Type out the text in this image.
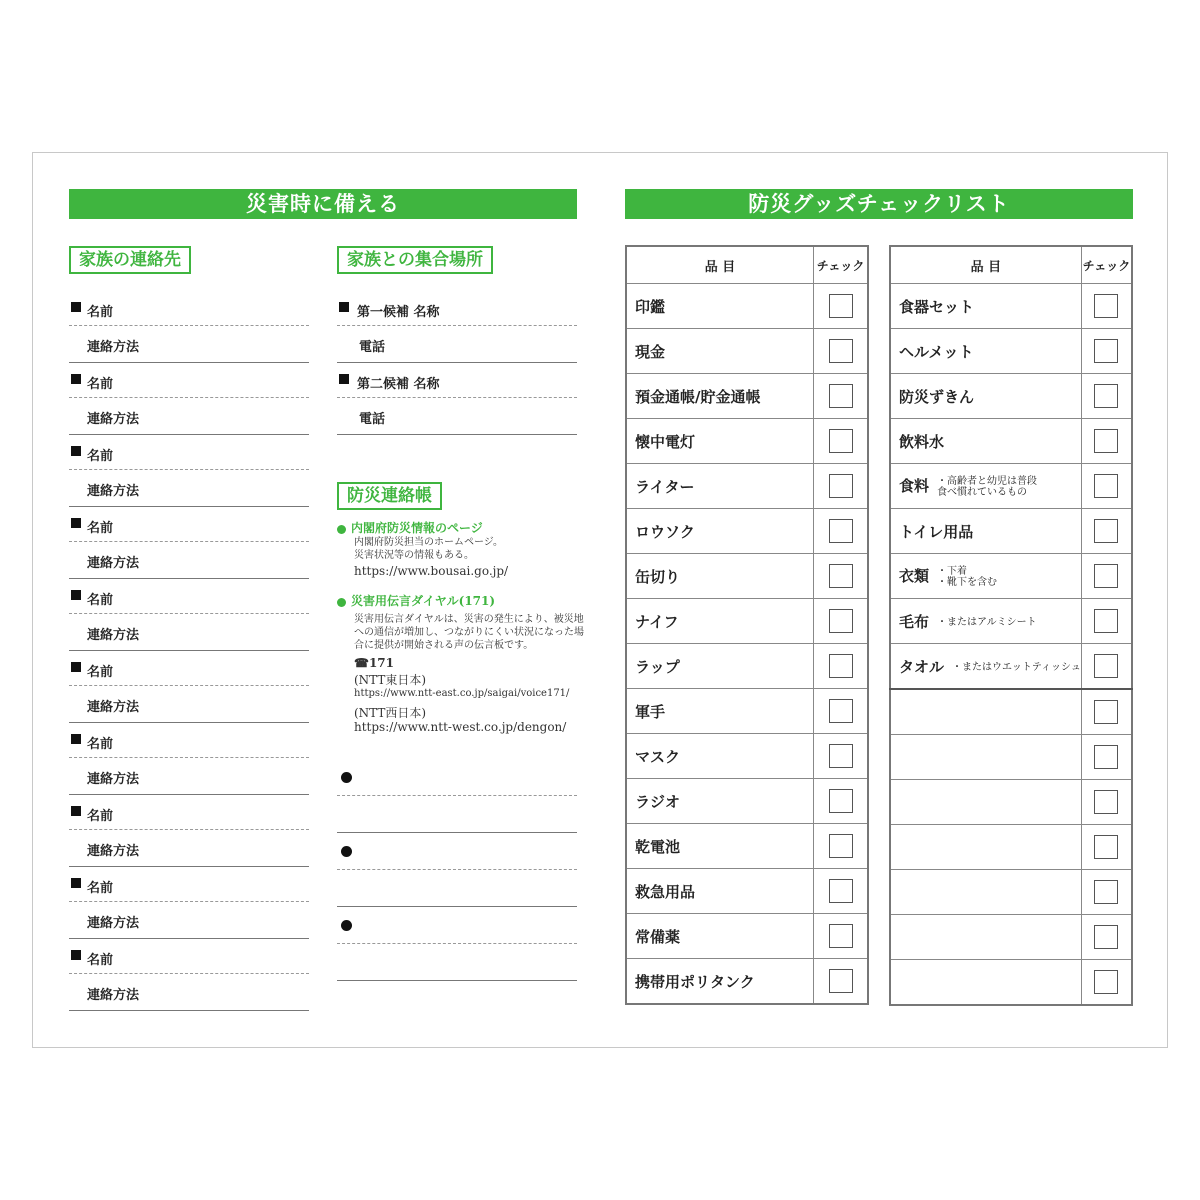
災害時に備える	防災グッズチェックリスト
家族の連絡先
名前
連絡方法
名前
連絡方法
名前
連絡方法
名前
連絡方法
名前
連絡方法
名前
連絡方法
名前
連絡方法
名前
連絡方法
名前
連絡方法
名前
連絡方法
家族との集合場所
第一候補 名称
電話
第二候補 名称
電話
防災連絡帳
内閣府防災情報のページ
内閣府防災担当のホームページ。
災害状況等の情報もある。
https://www.bousai.go.jp/
災害用伝言ダイヤル(171)
災害用伝言ダイヤルは、災害の発生により、被災地
への通信が増加し、つながりにくい状況になった場
合に提供が開始される声の伝言板です。
☎171
(NTT東日本)
https://www.ntt-east.co.jp/saigai/voice171/
(NTT西日本)
https://www.ntt-west.co.jp/dengon/
品 目	チェック
印鑑	
現金	
預金通帳/貯金通帳	
懐中電灯	
ライター	
ロウソク	
缶切り	
ナイフ	
ラップ	
軍手	
マスク	
ラジオ	
乾電池	
救急用品	
常備薬	
携帯用ポリタンク	
品 目	チェック
食器セット

ヘルメット

防災ずきん

飲料水

食料 ・高齢者と幼児は普段
食べ慣れているもの	
トイレ用品

衣類 ・下着
・靴下を含む	
毛布 ・またはアルミシート

タオル ・またはウエットティッシュ
